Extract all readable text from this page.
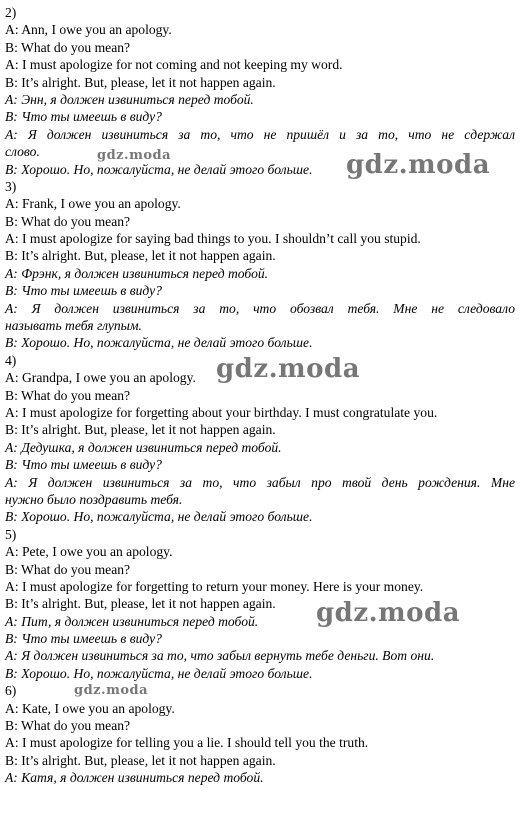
2)
A: Ann, I owe you an apology.
B: What do you mean?
A: I must apologize for not coming and not keeping my word.
B: It’s alright. But, please, let it not happen again.
А: Энн, я должен извиниться перед тобой.
В: Что ты имеешь в виду?
А: Я должен извиниться за то, что не пришёл и за то, что не сдержал
слово.
В: Хорошо. Но, пожалуйста, не делай этого больше.
3)
A: Frank, I owe you an apology.
B: What do you mean?
A: I must apologize for saying bad things to you. I shouldn’t call you stupid.
B: It’s alright. But, please, let it not happen again.
А: Фрэнк, я должен извиниться перед тобой.
В: Что ты имеешь в виду?
А: Я должен извиниться за то, что обозвал тебя. Мне не следовало
называть тебя глупым.
В: Хорошо. Но, пожалуйста, не делай этого больше.
4)
A: Grandpa, I owe you an apology.
B: What do you mean?
A: I must apologize for forgetting about your birthday. I must congratulate you.
B: It’s alright. But, please, let it not happen again.
А: Дедушка, я должен извиниться перед тобой.
В: Что ты имеешь в виду?
А: Я должен извиниться за то, что забыл про твой день рождения. Мне
нужно было поздравить тебя.
В: Хорошо. Но, пожалуйста, не делай этого больше.
5)
A: Pete, I owe you an apology.
B: What do you mean?
A: I must apologize for forgetting to return your money. Here is your money.
B: It’s alright. But, please, let it not happen again.
А: Пит, я должен извиниться перед тобой.
В: Что ты имеешь в виду?
А: Я должен извиниться за то, что забыл вернуть тебе деньги. Вот они.
В: Хорошо. Но, пожалуйста, не делай этого больше.
6)
A: Kate, I owe you an apology.
B: What do you mean?
A: I must apologize for telling you a lie. I should tell you the truth.
B: It’s alright. But, please, let it not happen again.
А: Катя, я должен извиниться перед тобой.
gdz.moda	gdz.moda
gdz.moda
gdz.moda
gdz.moda
